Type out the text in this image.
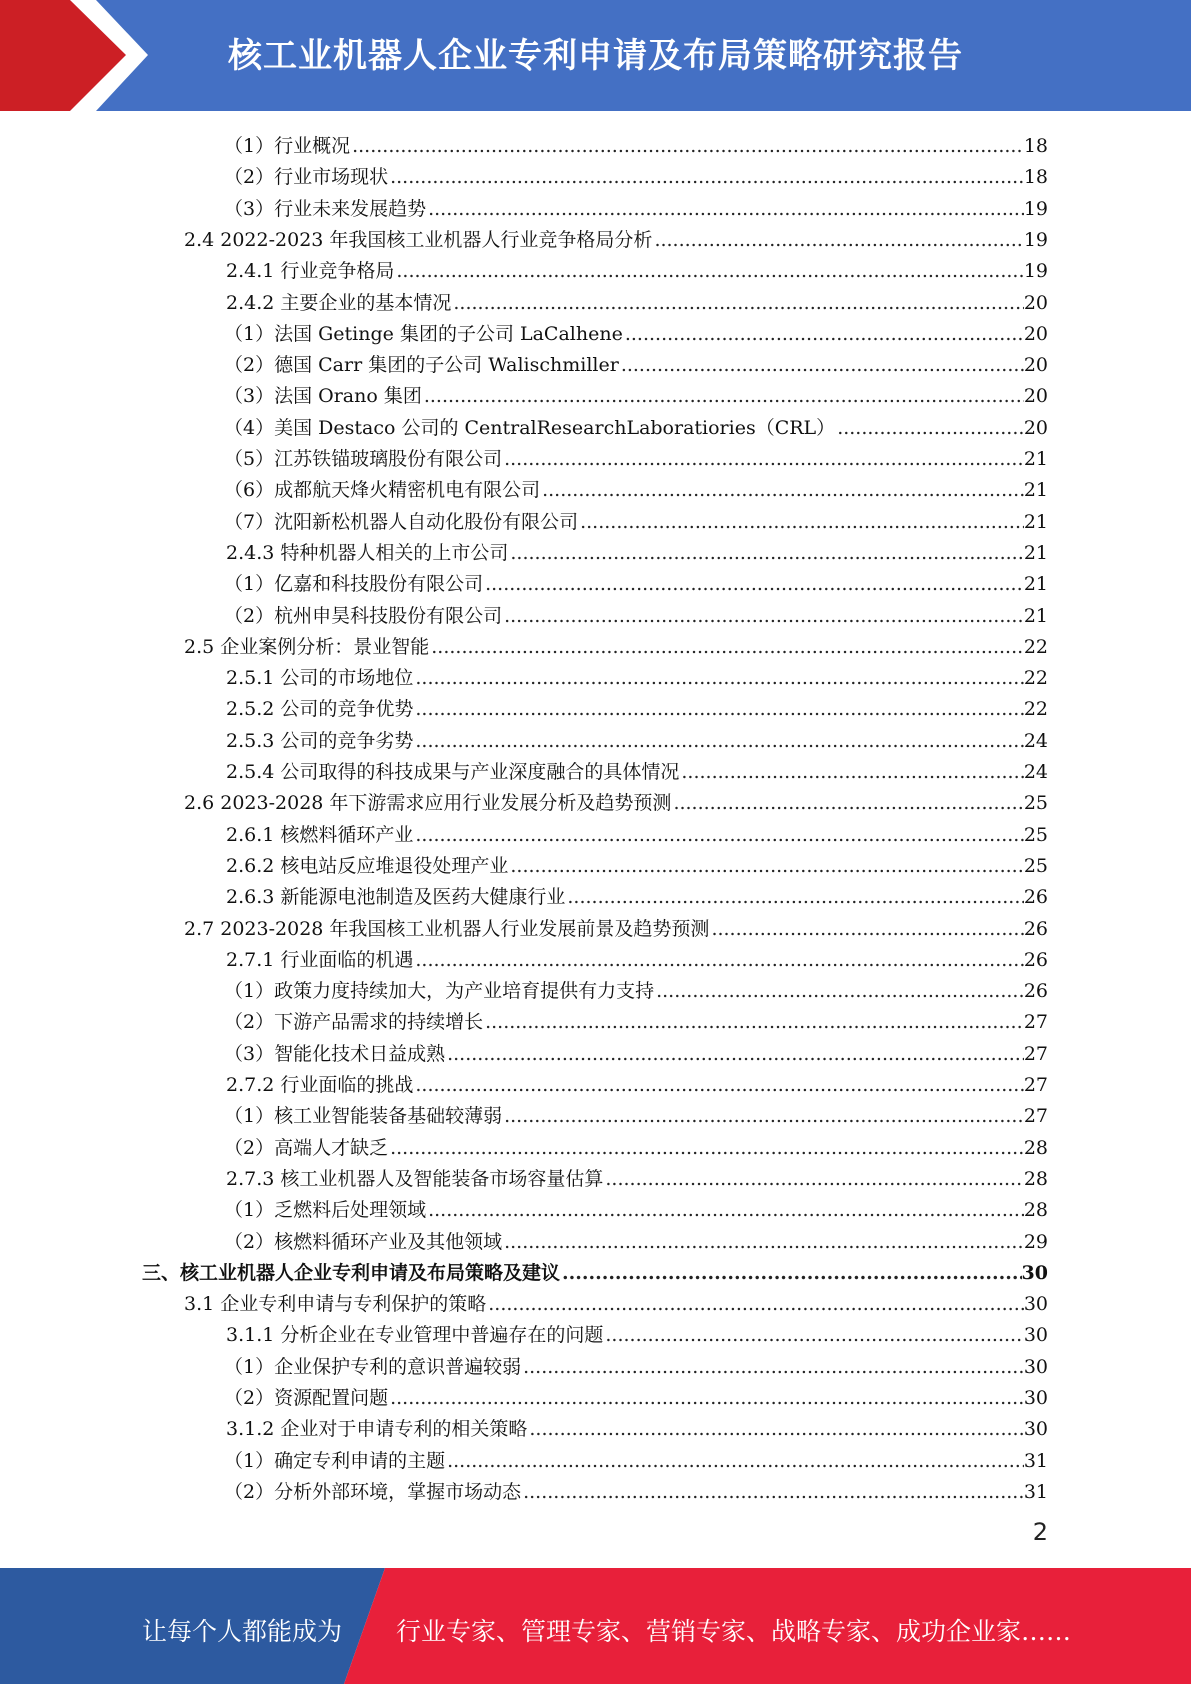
核工业机器人企业专利申请及布局策略研究报告
（1）行业概况 .....	18
（2）行业市场现状 .....	18
（3）行业未来发展趋势 .....	19
2.4 2022-2023 年我国核工业机器人行业竞争格局分析 .....	19
2.4.1 行业竞争格局 .....	19
2.4.2 主要企业的基本情况 .....	20
（1）法国 Getinge 集团的子公司 LaCalhene .....	20
（2）德国 Carr 集团的子公司 Walischmiller .....	20
（3）法国 Orano 集团 .....	20
（4）美国 Destaco 公司的 CentralResearchLaboratiories（CRL） .....	20
（5）江苏铁锚玻璃股份有限公司 .....	21
（6）成都航天烽火精密机电有限公司 .....	21
（7）沈阳新松机器人自动化股份有限公司 .....	21
2.4.3 特种机器人相关的上市公司 .....	21
（1）亿嘉和科技股份有限公司 .....	21
（2）杭州申昊科技股份有限公司 .....	21
2.5 企业案例分析：景业智能 .....	22
2.5.1 公司的市场地位 .....	22
2.5.2 公司的竞争优势 .....	22
2.5.3 公司的竞争劣势 .....	24
2.5.4 公司取得的科技成果与产业深度融合的具体情况 .....	24
2.6 2023-2028 年下游需求应用行业发展分析及趋势预测 .....	25
2.6.1 核燃料循环产业 .....	25
2.6.2 核电站反应堆退役处理产业 .....	25
2.6.3 新能源电池制造及医药大健康行业 .....	26
2.7 2023-2028 年我国核工业机器人行业发展前景及趋势预测 .....	26
2.7.1 行业面临的机遇 .....	26
（1）政策力度持续加大，为产业培育提供有力支持 .....	26
（2）下游产品需求的持续增长 .....	27
（3）智能化技术日益成熟 .....	27
2.7.2 行业面临的挑战 .....	27
（1）核工业智能装备基础较薄弱 .....	27
（2）高端人才缺乏 .....	28
2.7.3 核工业机器人及智能装备市场容量估算 .....	28
（1）乏燃料后处理领域 .....	28
（2）核燃料循环产业及其他领域 .....	29
三、核工业机器人企业专利申请及布局策略及建议 .....	30
3.1 企业专利申请与专利保护的策略 .....	30
3.1.1 分析企业在专业管理中普遍存在的问题 .....	30
（1）企业保护专利的意识普遍较弱 .....	30
（2）资源配置问题 .....	30
3.1.2 企业对于申请专利的相关策略 .....	30
（1）确定专利申请的主题 .....	31
（2）分析外部环境，掌握市场动态 .....	31
2
让每个人都能成为 行业专家、管理专家、营销专家、战略专家、成功企业家……
